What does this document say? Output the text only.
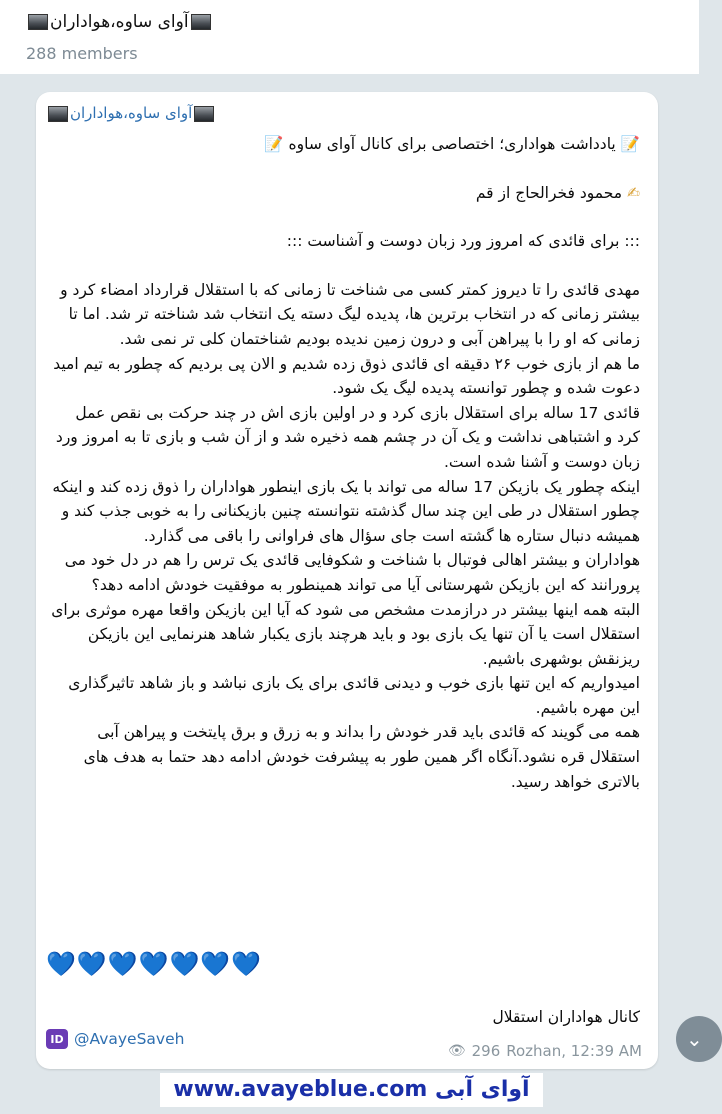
آوای ساوه،هواداران
288 members
آوای ساوه،هواداران

📝 یادداشت هواداری؛ اختصاصی برای کانال آوای ساوه 📝

✍ محمود فخرالحاج از قم

::: برای قائدی که امروز ورد زبان دوست و آشناست :::

مهدی قائدی را تا دیروز کمتر کسی می شناخت تا زمانی که با استقلال قرارداد امضاء کرد و بیشتر زمانی که در انتخاب برترین ها، پدیده لیگ دسته یک انتخاب شد شناخته تر شد. اما تا زمانی که او را با پیراهن آبی و درون زمین ندیده بودیم شناختمان کلی تر نمی شد.

ما هم از بازی خوب ۲۶ دقیقه ای قائدی ذوق زده شدیم و الان پی بردیم که چطور به تیم امید دعوت شده و چطور توانسته پدیده لیگ یک شود.

قائدی 17 ساله برای استقلال بازی کرد و در اولین بازی اش در چند حرکت بی نقص عمل کرد و اشتباهی نداشت و یک آن در چشم همه ذخیره شد و از آن شب و بازی تا به امروز ورد زبان دوست و آشنا شده است.

اینکه چطور یک بازیکن 17 ساله می تواند با یک بازی اینطور هواداران را ذوق زده کند و اینکه چطور استقلال در طی این چند سال گذشته نتوانسته چنین بازیکنانی را به خوبی جذب کند و همیشه دنبال ستاره ها گشته است جای سؤال های فراوانی را باقی می گذارد.

هواداران و بیشتر اهالی فوتبال با شناخت و شکوفایی قائدی یک ترس را هم در دل خود می پرورانند که این بازیکن شهرستانی آیا می تواند همینطور به موفقیت خودش ادامه دهد؟

البته همه اینها بیشتر در درازمدت مشخص می شود که آیا این بازیکن واقعا مهره موثری برای استقلال است یا آن تنها یک بازی بود و باید هرچند بازی یکبار شاهد هنرنمایی این بازیکن ریزنقش بوشهری باشیم.

امیدواریم که این تنها بازی خوب و دیدنی قائدی برای یک بازی نباشد و باز شاهد تاثیرگذاری این مهره باشیم.

همه می گویند که قائدی باید قدر خودش را بداند و به زرق و برق پایتخت و پیراهن آبی استقلال قره نشود.آنگاه اگر همین طور به پیشرفت خودش ادامه دهد حتما به هدف های بالاتری خواهد رسید.

💙💙💙💙💙💙💙
کانال هواداران استقلال
ID @AvayeSaveh
👁 296 Rozhan, 12:39 AM	⌄
آوای آبی www.avayeblue.com
